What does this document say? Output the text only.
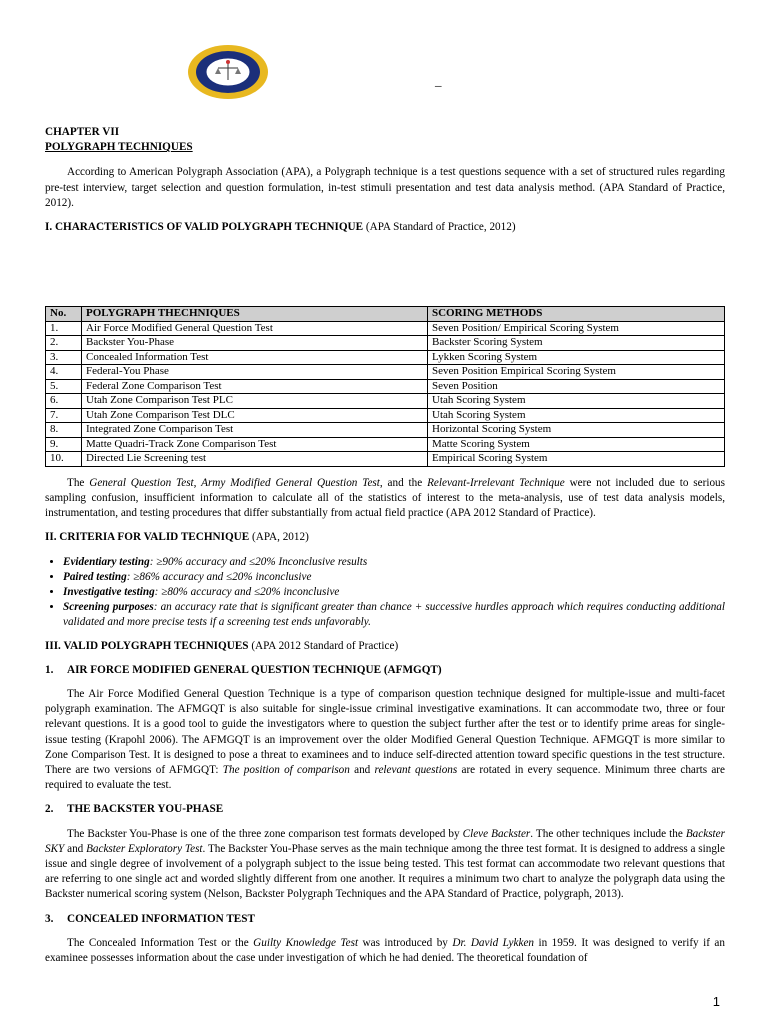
_
CHAPTER VII
POLYGRAPH TECHNIQUES

According to American Polygraph Association (APA), a Polygraph technique is a test questions sequence with a set of structured rules regarding pre-test interview, target selection and question formulation, in-test stimuli presentation and test data analysis method. (APA Standard of Practice, 2012).

I. CHARACTERISTICS OF VALID POLYGRAPH TECHNIQUE (APA Standard of Practice, 2012)
No.	POLYGRAPH THECHNIQUES	SCORING METHODS
1.	Air Force Modified General Question Test	Seven Position/ Empirical Scoring System
2.	Backster You-Phase	Backster Scoring System
3.	Concealed Information Test	Lykken Scoring System
4.	Federal-You Phase	Seven Position Empirical Scoring System
5.	Federal Zone Comparison Test	Seven Position
6.	Utah Zone Comparison Test PLC	Utah Scoring System
7.	Utah Zone Comparison Test DLC	Utah Scoring System
8.	Integrated Zone Comparison Test	Horizontal Scoring System
9.	Matte Quadri-Track Zone Comparison Test	Matte Scoring System
10.	Directed Lie Screening test	Empirical Scoring System

The General Question Test, Army Modified General Question Test, and the Relevant-Irrelevant Technique were not included due to serious sampling confusion, insufficient information to calculate all of the statistics of interest to the meta-analysis, use of test data analysis models, instrumentation, and testing procedures that differ substantially from actual field practice (APA 2012 Standard of Practice).

II. CRITERIA FOR VALID TECHNIQUE (APA, 2012)
• Evidentiary testing: ≥90% accuracy and ≤20% Inconclusive results
• Paired testing: ≥86% accuracy and ≤20% inconclusive
• Investigative testing: ≥80% accuracy and ≤20% inconclusive
• Screening purposes: an accuracy rate that is significant greater than chance + successive hurdles approach which requires conducting additional validated and more precise tests if a screening test ends unfavorably.
III. VALID POLYGRAPH TECHNIQUES (APA 2012 Standard of Practice)
1. AIR FORCE MODIFIED GENERAL QUESTION TECHNIQUE (AFMGQT)

The Air Force Modified General Question Technique is a type of comparison question technique designed for multiple-issue and multi-facet polygraph examination. The AFMGQT is also suitable for single-issue criminal investigative examinations. It can accommodate two, three or four relevant questions. It is a good tool to guide the investigators where to question the subject further after the test or to identify prime areas for single-issue testing (Krapohl 2006). The AFMGQT is an improvement over the older Modified General Question Technique. AFMGQT is more similar to Zone Comparison Test. It is designed to pose a threat to examinees and to induce self-directed attention toward specific questions in the test structure. There are two versions of AFMGQT: The position of comparison and relevant questions are rotated in every sequence. Minimum three charts are required to evaluate the test.

2. THE BACKSTER YOU-PHASE

The Backster You-Phase is one of the three zone comparison test formats developed by Cleve Backster. The other techniques include the Backster SKY and Backster Exploratory Test. The Backster You-Phase serves as the main technique among the three test format. It is designed to address a single issue and single degree of involvement of a polygraph subject to the issue being tested. This test format can accommodate two relevant questions that are referring to one single act and worded slightly different from one another. It requires a minimum two chart to analyze the polygraph data using the Backster numerical scoring system (Nelson, Backster Polygraph Techniques and the APA Standard of Practice, polygraph, 2013).

3. CONCEALED INFORMATION TEST

The Concealed Information Test or the Guilty Knowledge Test was introduced by Dr. David Lykken in 1959. It was designed to verify if an examinee possesses information about the case under investigation of which he had denied. The theoretical foundation of

1
